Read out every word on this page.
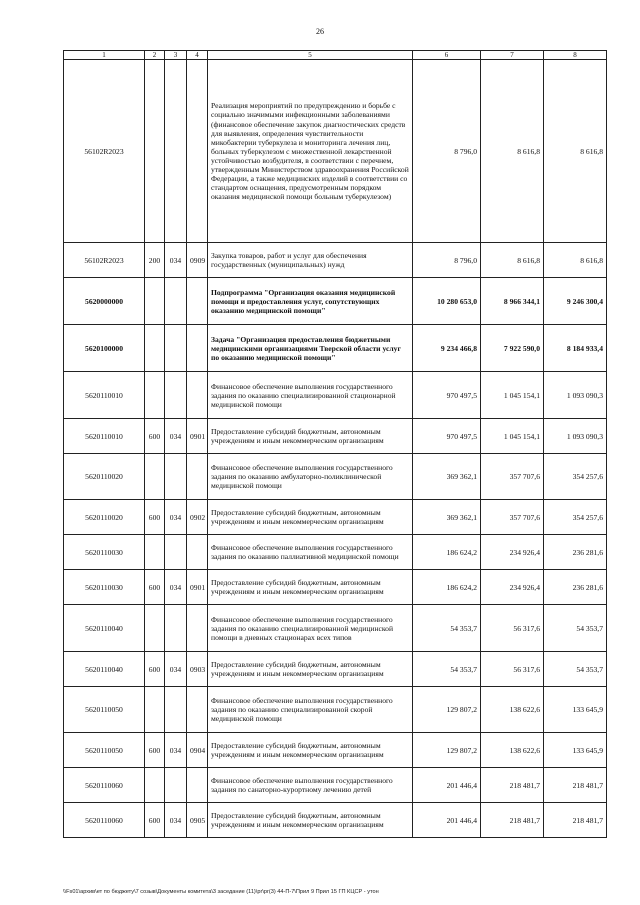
26
1	2	3	4	5	6	7	8
56102R2023				Реализация мероприятий по предупреждению и борьбе с социально значимыми инфекционными заболеваниями (финансовое обеспечение закупок диагностических средств для выявления, определения чувствительности микобактерии туберкулеза и мониторинга лечения лиц, больных туберкулезом с множественной лекарственной устойчивостью возбудителя, в соответствии с перечнем, утвержденным Министерством здравоохранения Российской Федерации, а также медицинских изделий в соответствии со стандартом оснащения, предусмотренным порядком оказания медицинской помощи больным туберкулезом)	8 796,0	8 616,8	8 616,8
56102R2023	200	034	0909	Закупка товаров, работ и услуг для обеспечения государственных (муниципальных) нужд	8 796,0	8 616,8	8 616,8
5620000000				Подпрограмма "Организация оказания медицинской помощи и предоставления услуг, сопутствующих оказанию медицинской помощи"	10 280 653,0	8 966 344,1	9 246 300,4
5620100000				Задача "Организация предоставления бюджетными медицинскими организациями Тверской области услуг по оказанию медицинской помощи"	9 234 466,8	7 922 590,0	8 184 933,4
5620110010				Финансовое обеспечение выполнения государственного задания по оказанию специализированной стационарной медицинской помощи	970 497,5	1 045 154,1	1 093 090,3
5620110010	600	034	0901	Предоставление субсидий бюджетным, автономным учреждениям и иным некоммерческим организациям	970 497,5	1 045 154,1	1 093 090,3
5620110020				Финансовое обеспечение выполнения государственного задания по оказанию амбулаторно-поликлинической медицинской помощи	369 362,1	357 707,6	354 257,6
5620110020	600	034	0902	Предоставление субсидий бюджетным, автономным учреждениям и иным некоммерческим организациям	369 362,1	357 707,6	354 257,6
5620110030				Финансовое обеспечение выполнения государственного задания по оказанию паллиативной медицинской помощи	186 624,2	234 926,4	236 281,6
5620110030	600	034	0901	Предоставление субсидий бюджетным, автономным учреждениям и иным некоммерческим организациям	186 624,2	234 926,4	236 281,6
5620110040				Финансовое обеспечение выполнения государственного задания по оказанию специализированной медицинской помощи в дневных стационарах всех типов	54 353,7	56 317,6	54 353,7
5620110040	600	034	0903	Предоставление субсидий бюджетным, автономным учреждениям и иным некоммерческим организациям	54 353,7	56 317,6	54 353,7
5620110050				Финансовое обеспечение выполнения государственного задания по оказанию специализированной скорой медицинской помощи	129 807,2	138 622,6	133 645,9
5620110050	600	034	0904	Предоставление субсидий бюджетным, автономным учреждениям и иным некоммерческим организациям	129 807,2	138 622,6	133 645,9
5620110060				Финансовое обеспечение выполнения государственного задания по санаторно-курортному лечению детей	201 446,4	218 481,7	218 481,7
5620110060	600	034	0905	Предоставление субсидий бюджетным, автономным учреждениям и иным некоммерческим организациям	201 446,4	218 481,7	218 481,7
\\Fs01\архив\ет по бюджету\7 созыв\Документы комитета\3 заседание (11)\pr\pr(3) 44-П-7\Прил 9 Прил 15 ГП КЦСР - утон
